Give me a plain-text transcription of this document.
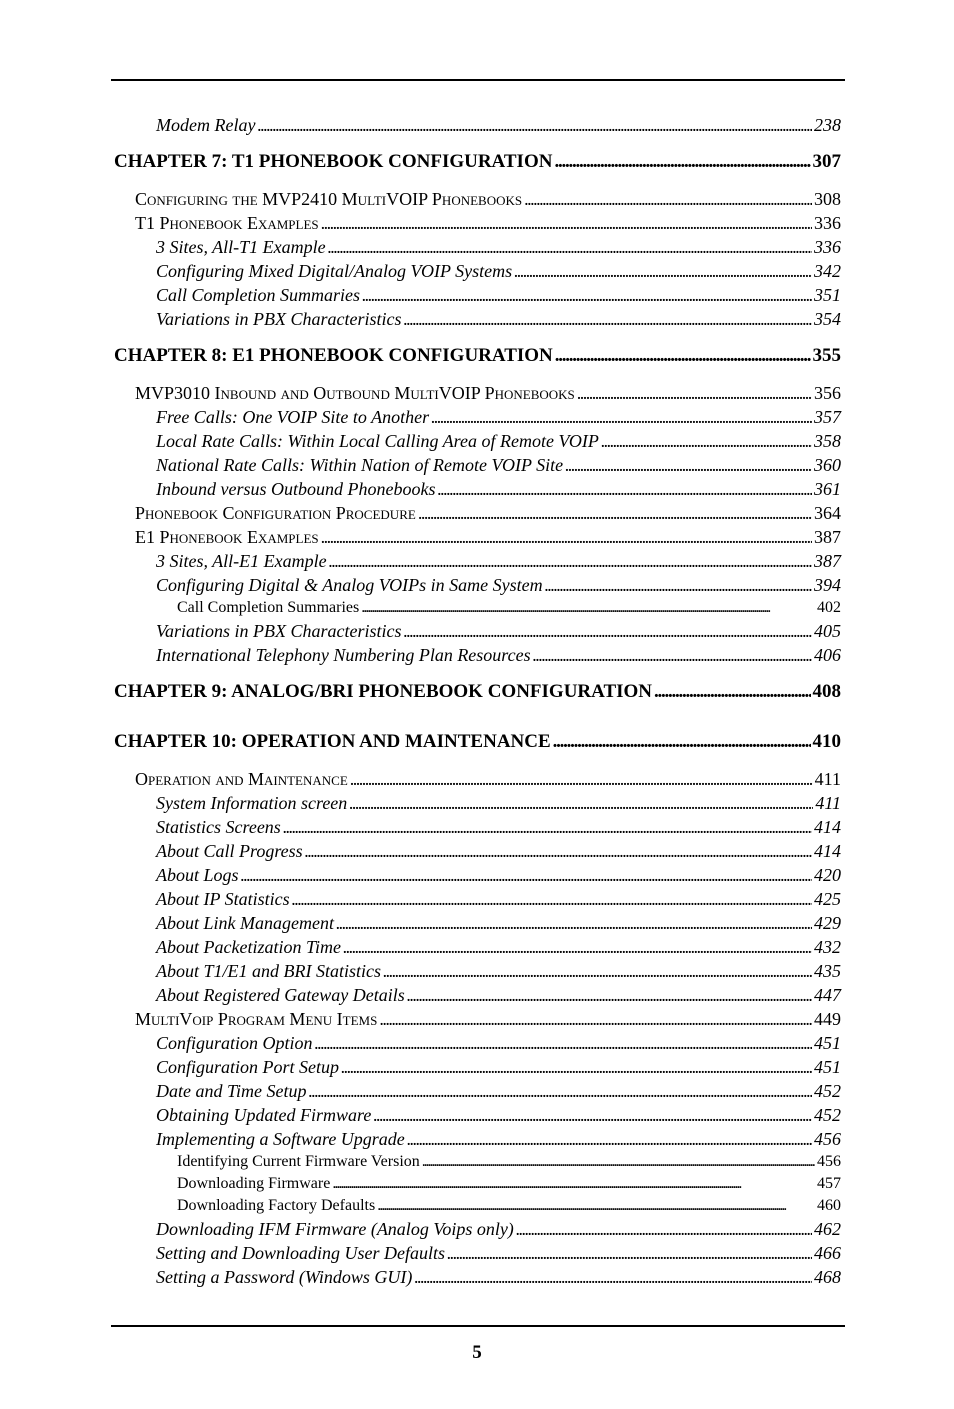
Modem Relay . . .	238
CHAPTER 7: T1 PHONEBOOK CONFIGURATION . . .	307
Configuring the MVP2410 MultiVOIP Phonebooks . . .	308
T1 Phonebook Examples . . .	336
3 Sites, All-T1 Example . . .	336
Configuring Mixed Digital/Analog VOIP Systems . . .	342
Call Completion Summaries . . .	351
Variations in PBX Characteristics . . .	354
CHAPTER 8: E1 PHONEBOOK CONFIGURATION . . .	355
MVP3010 Inbound and Outbound MultiVOIP Phonebooks . . .	356
Free Calls: One VOIP Site to Another . . .	357
Local Rate Calls: Within Local Calling Area of Remote VOIP . . .	358
National Rate Calls: Within Nation of Remote VOIP Site . . .	360
Inbound versus Outbound Phonebooks . . .	361
Phonebook Configuration Procedure . . .	364
E1 Phonebook Examples . . .	387
3 Sites, All-E1 Example . . .	387
Configuring Digital & Analog VOIPs in Same System . . .	394
Call Completion Summaries . . .	402
Variations in PBX Characteristics . . .	405
International Telephony Numbering Plan Resources . . .	406
CHAPTER 9: ANALOG/BRI PHONEBOOK CONFIGURATION . . .	408
CHAPTER 10: OPERATION AND MAINTENANCE . . .	410
Operation and Maintenance . . .	411
System Information screen . . .	411
Statistics Screens . . .	414
About Call Progress . . .	414
About Logs . . .	420
About IP Statistics . . .	425
About Link Management . . .	429
About Packetization Time . . .	432
About T1/E1 and BRI Statistics . . .	435
About Registered Gateway Details . . .	447
MultiVoip Program Menu Items . . .	449
Configuration Option . . .	451
Configuration Port Setup . . .	451
Date and Time Setup . . .	452
Obtaining Updated Firmware . . .	452
Implementing a Software Upgrade . . .	456
Identifying Current Firmware Version . . .	456
Downloading Firmware . . .	457
Downloading Factory Defaults . . .	460
Downloading IFM Firmware (Analog Voips only) . . .	462
Setting and Downloading User Defaults . . .	466
Setting a Password (Windows GUI) . . .	468
5
